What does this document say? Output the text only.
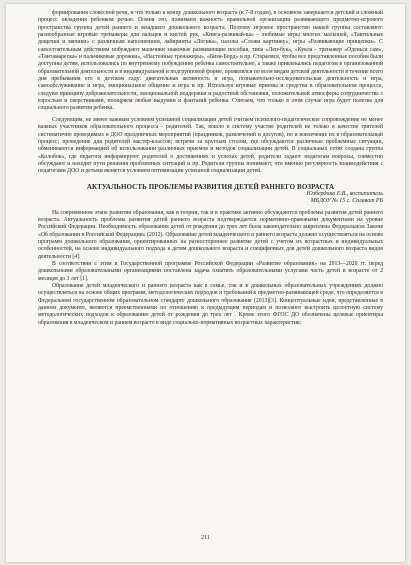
формирования словесной речи, и что только к концу дошкольного возраста (к 7-8 годам), в основном завершается детский и сложный процесс овладения ребенком речью. Помня это, понимаем важность правильной организации развивающего предметно-игрового пространства группы детей раннего и младшего дошкольного возраста. Поэтому игровое пространство нашей группы составляют: разнообразные игровые тренажеры для пальцев и кистей рук, «Книга-развивай-ка» - любимые игры многих малышей, «Тактильные дощечки и мячики» с различным наполнением, лабиринты «Логика», паззлы «Сложи картинку», игры «Развивающие прищепки». С самостоятельным действиям побуждают мальчики знакомые развивающие пособия, типа «Леп-бук», «Кукла - тренажер «Оденься сам», «Тантамареска» и пальчиковые дорожки», «Настенные тренажеры», «Бизи-Борд» и пр. Стараемся, чтобы все представленные пособия были доступны детям, использовались по внутреннему побуждению ребенка самостоятельно, а также привлекались педагогом в организованной образовательной деятельности и в индивидуальной и подгрупповой форме, проявлялся по всем видам детской деятельности в течение всего дня пребывания его в детском саду: двигательная активность и игра, познавательно-исследовательская деятельность и игра, самообслуживание и игра, эмоциональное общение и игра и пр. Используя игровые приемы и средства в образовательном процессе, следуем принципу доброжелательности, эмоциональной поддержки и радостной обстановки, положительной атмосферы сотрудничества с взрослым и сверстниками, поощряем любые выдумки и фантазий ребенка. Считаем, что только в этом случае игра будет полезна для социального развития ребенка.

Следующим, не менее важным условием успешной социализации детей считаем психолого-педагогическое сопровождение не менее важных участников образовательного процесса - родителей. Так, вошло в систему участие родителей не только в качестве зрителей систематично проводимых в ДОО праздничных мероприятий (праздников, развлечений и досугов), но и вовлечение их в образовательный процесс; проведение для родителей мастер-классов; встречи за круглым столом, где обсуждаются различные проблемные ситуации, обмениваются информацией об использовании различных приемов и методов социализации детей. В социальных сетях создана группа «Колобок», где педагоги информируют родителей о достижениях и успехах детей, родители задают педагогам вопросы, совместно обсуждают и находят пути решения проблемных ситуаций и пр. Родители группы понимают, что именно регулярность взаимодействия с педагогами ДОО и детьми является условием оптимизации успешной социализации детей.

АКТУАЛЬНОСТЬ ПРОБЛЕМЫ РАЗВИТИЯ ДЕТЕЙ РАННЕГО ВОЗРАСТА
Юзбердина Е.В., воспитатель
МБДОУ № 15 с. Салават РБ

На современном этапе развития образования, как в теории, так и в практике активно обсуждаются проблемы развития детей раннего возраста. Актуальность проблемы развития детей раннего возраста подтверждается нормативно-правовыми документами на уровне Российской Федерации. Необходимость образования детей от рождения до трех лет была законодательно закреплена Федеральном Законе «Об образовании в Российской Федерации» (2012). Образование детей младенческого и раннего возраста должно осуществляться на основе программ дошкольного образования, ориентированных на разностороннее развитие детей с учетом их возрастных и индивидуальных особенностей, на основе индивидуального подхода к детям дошкольного возраста и специфичных для детей дошкольного возраста видов деятельности [4].

В соответствии с этим в Государственной программе Российской Федерации «Развитие образования» на 2013—2020 гг. перед дошкольными образовательными организациями поставлена задача охватить образовательными услугами часть детей в возрасте от 2 месяцев до 3 лет [1].

Образование детей младенческого и раннего возраста как в семье, так и в дошкольных образовательных учреждениях должно осуществляться на основе общих программ, методологических подходов и требований к предметно-развивающей среде, что определяется в Федеральном государственном образовательном стандарте дошкольного образования (2013)[3]. Концептуальные идеи, представленные в данном документе, являются преемственными по отношению к предыдущим периодам и позволяют выстроить целостную систему методологических подходов к образованию детей от рождения до трех лет . Кроме этого ФГОС ДО обозначены целевые ориентиры образования в младенческом и раннем возрасте в виде социально-нормативных возрастных характеристик:

211
